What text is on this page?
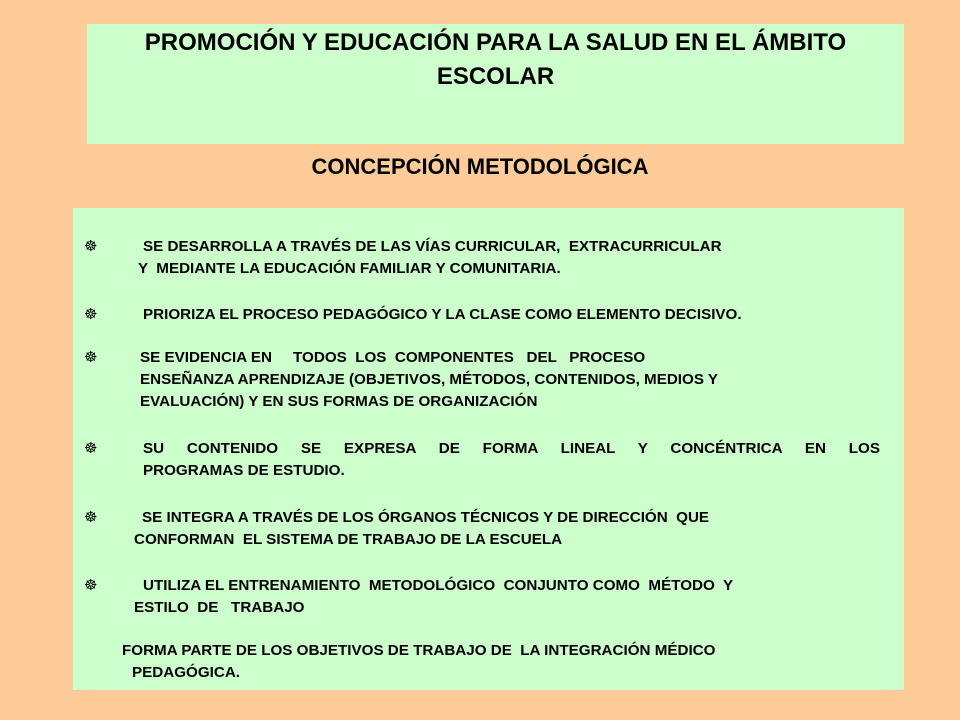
PROMOCIÓN Y EDUCACIÓN PARA LA SALUD EN EL ÁMBITO ESCOLAR
CONCEPCIÓN METODOLÓGICA
☸	SE DESARROLLA A TRAVÉS DE LAS VÍAS CURRICULAR,  EXTRACURRICULAR
Y  MEDIANTE LA EDUCACIÓN FAMILIAR Y COMUNITARIA.
☸	PRIORIZA EL PROCESO PEDAGÓGICO Y LA CLASE COMO ELEMENTO DECISIVO.
☸	SE EVIDENCIA EN     TODOS  LOS  COMPONENTES   DEL   PROCESO
ENSEÑANZA APRENDIZAJE (OBJETIVOS, MÉTODOS, CONTENIDOS, MEDIOS Y
EVALUACIÓN) Y EN SUS FORMAS DE ORGANIZACIÓN
☸	SU CONTENIDO SE EXPRESA DE FORMA LINEAL Y CONCÉNTRICA EN LOS
PROGRAMAS DE ESTUDIO.
☸	SE INTEGRA A TRAVÉS DE LOS ÓRGANOS TÉCNICOS Y DE DIRECCIÓN  QUE
CONFORMAN  EL SISTEMA DE TRABAJO DE LA ESCUELA
☸	UTILIZA EL ENTRENAMIENTO  METODOLÓGICO  CONJUNTO COMO  MÉTODO  Y
ESTILO  DE   TRABAJO
FORMA PARTE DE LOS OBJETIVOS DE TRABAJO DE  LA INTEGRACIÓN MÉDICO
PEDAGÓGICA.
